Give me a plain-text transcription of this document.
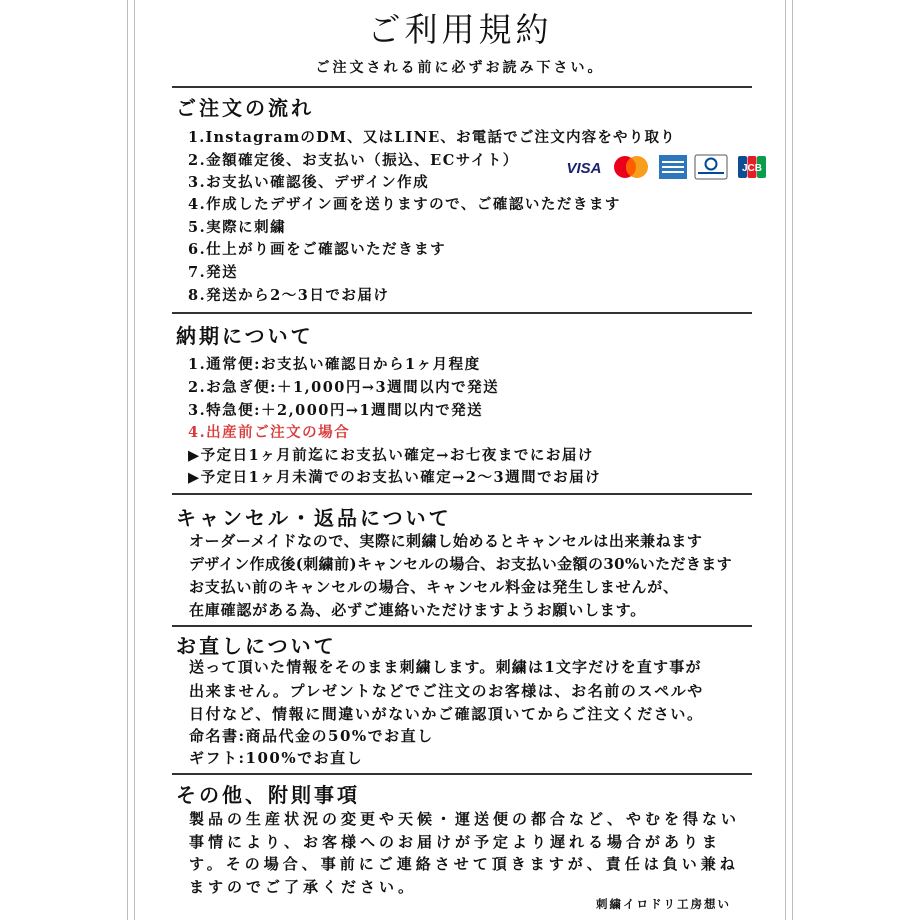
ご利用規約

ご注文される前に必ずお読み下さい。

ご注文の流れ
1.InstagramのDM、又はLINE、お電話でご注文内容をやり取り
2.金額確定後、お支払い（振込、ECサイト）
3.お支払い確認後、デザイン作成
4.作成したデザイン画を送りますので、ご確認いただきます
5.実際に刺繍
6.仕上がり画をご確認いただきます
7.発送
8.発送から2〜3日でお届け
VISA	JCB
納期について
1.通常便:お支払い確認日から1ヶ月程度
2.お急ぎ便:＋1,000円→3週間以内で発送
3.特急便:＋2,000円→1週間以内で発送
4.出産前ご注文の場合
▶予定日1ヶ月前迄にお支払い確定→お七夜までにお届け
▶予定日1ヶ月未満でのお支払い確定→2〜3週間でお届け
キャンセル・返品について
オーダーメイドなので、実際に刺繍し始めるとキャンセルは出来兼ねます
デザイン作成後(刺繍前)キャンセルの場合、お支払い金額の30%いただきます
お支払い前のキャンセルの場合、キャンセル料金は発生しませんが、
在庫確認がある為、必ずご連絡いただけますようお願いします。
お直しについて
送って頂いた情報をそのまま刺繍します。刺繍は1文字だけを直す事が
出来ません。プレゼントなどでご注文のお客様は、お名前のスペルや
日付など、情報に間違いがないかご確認頂いてからご注文ください。
命名書:商品代金の50%でお直し
ギフト:100%でお直し
その他、附則事項
製品の生産状況の変更や天候・運送便の都合など、やむを得ない
事情により、お客様へのお届けが予定より遅れる場合がありま
す。その場合、事前にご連絡させて頂きますが、責任は負い兼ね
ますのでご了承ください。
刺繍イロドリ工房想い
